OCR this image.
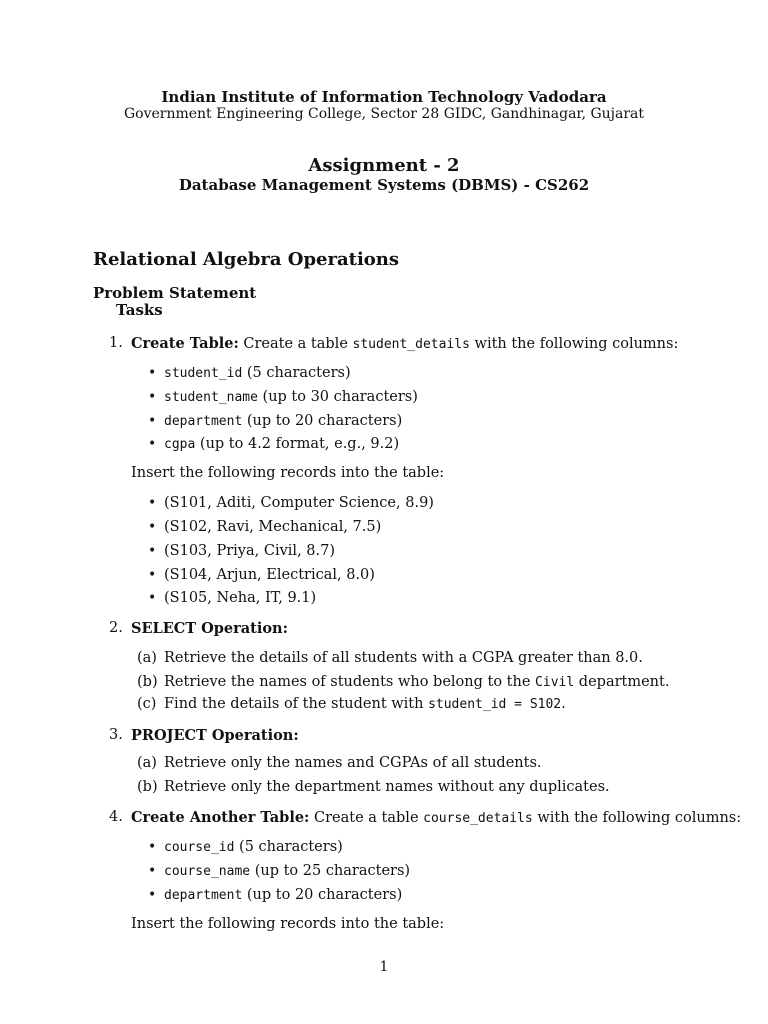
Indian Institute of Information Technology Vadodara
Government Engineering College, Sector 28 GIDC, Gandhinagar, Gujarat
Assignment - 2
Database Management Systems (DBMS) - CS262
Relational Algebra Operations
Problem Statement
Tasks
1. Create Table: Create a table student_details with the following columns:
• student_id (5 characters)
• student_name (up to 30 characters)
• department (up to 20 characters)
• cgpa (up to 4.2 format, e.g., 9.2)
Insert the following records into the table:
• (S101, Aditi, Computer Science, 8.9)
• (S102, Ravi, Mechanical, 7.5)
• (S103, Priya, Civil, 8.7)
• (S104, Arjun, Electrical, 8.0)
• (S105, Neha, IT, 9.1)
2. SELECT Operation:
(a) Retrieve the details of all students with a CGPA greater than 8.0.
(b) Retrieve the names of students who belong to the Civil department.
(c) Find the details of the student with student_id = S102.
3. PROJECT Operation:
(a) Retrieve only the names and CGPAs of all students.
(b) Retrieve only the department names without any duplicates.
4. Create Another Table: Create a table course_details with the following columns:
• course_id (5 characters)
• course_name (up to 25 characters)
• department (up to 20 characters)
Insert the following records into the table:
1
